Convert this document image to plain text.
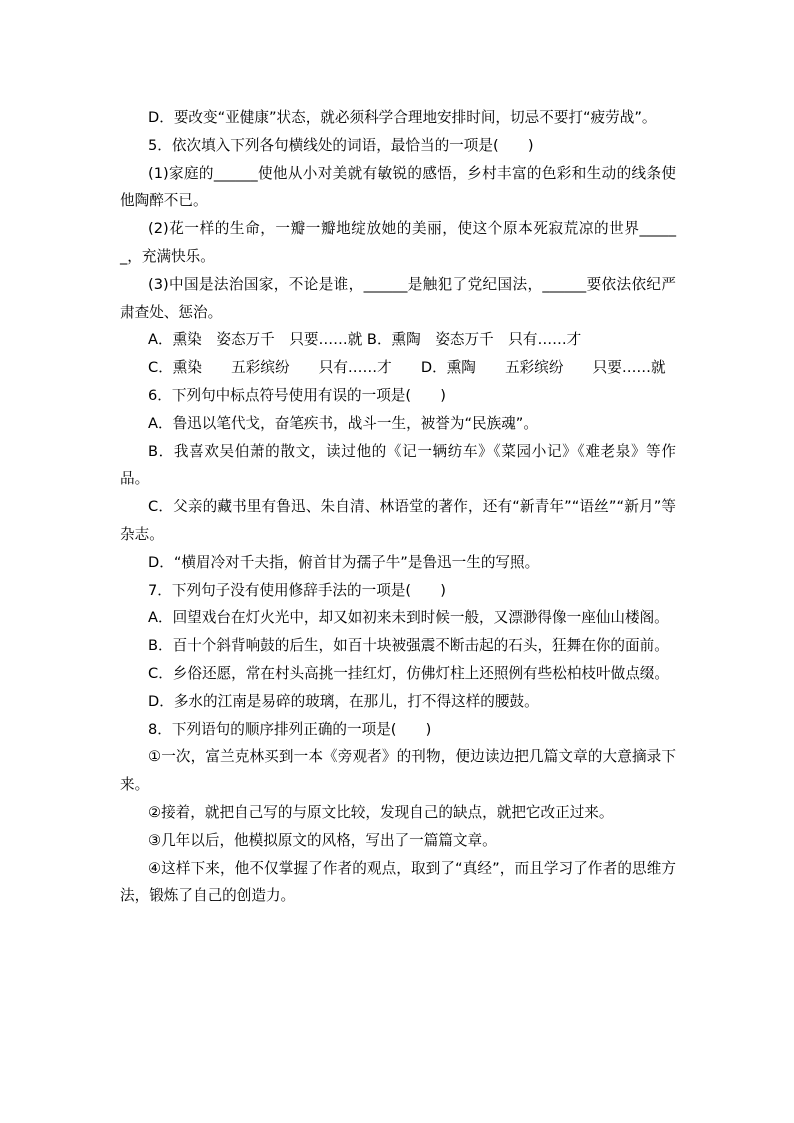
D．要改变“亚健康”状态，就必须科学合理地安排时间，切忌不要打“疲劳战”。

5．依次填入下列各句横线处的词语，最恰当的一项是(　　)

(1)家庭的______使他从小对美就有敏锐的感悟，乡村丰富的色彩和生动的线条使他陶醉不已。

(2)花一样的生命，一瓣一瓣地绽放她的美丽，使这个原本死寂荒凉的世界______，充满快乐。

(3)中国是法治国家，不论是谁，______是触犯了党纪国法，______要依法依纪严肃查处、惩治。

A．熏染　姿态万千　只要……就 B．熏陶　姿态万千　只有……才

C．熏染　　五彩缤纷　　只有……才　　D．熏陶　　五彩缤纷　　只要……就

6．下列句中标点符号使用有误的一项是(　　)

A．鲁迅以笔代戈，奋笔疾书，战斗一生，被誉为“民族魂”。

B．我喜欢吴伯萧的散文，读过他的《记一辆纺车》《菜园小记》《难老泉》等作品。

C．父亲的藏书里有鲁迅、朱自清、林语堂的著作，还有“新青年”“语丝”“新月”等杂志。

D．“横眉冷对千夫指，俯首甘为孺子牛”是鲁迅一生的写照。

7．下列句子没有使用修辞手法的一项是(　　)

A．回望戏台在灯火光中，却又如初来未到时候一般，又漂渺得像一座仙山楼阁。

B．百十个斜背响鼓的后生，如百十块被强震不断击起的石头，狂舞在你的面前。

C．乡俗还愿，常在村头高挑一挂红灯，仿佛灯柱上还照例有些松柏枝叶做点缀。

D．多水的江南是易碎的玻璃，在那儿，打不得这样的腰鼓。

8．下列语句的顺序排列正确的一项是(　　)

①一次，富兰克林买到一本《旁观者》的刊物，便边读边把几篇文章的大意摘录下来。

②接着，就把自己写的与原文比较，发现自己的缺点，就把它改正过来。

③几年以后，他模拟原文的风格，写出了一篇篇文章。

④这样下来，他不仅掌握了作者的观点，取到了“真经”，而且学习了作者的思维方法，锻炼了自己的创造力。
